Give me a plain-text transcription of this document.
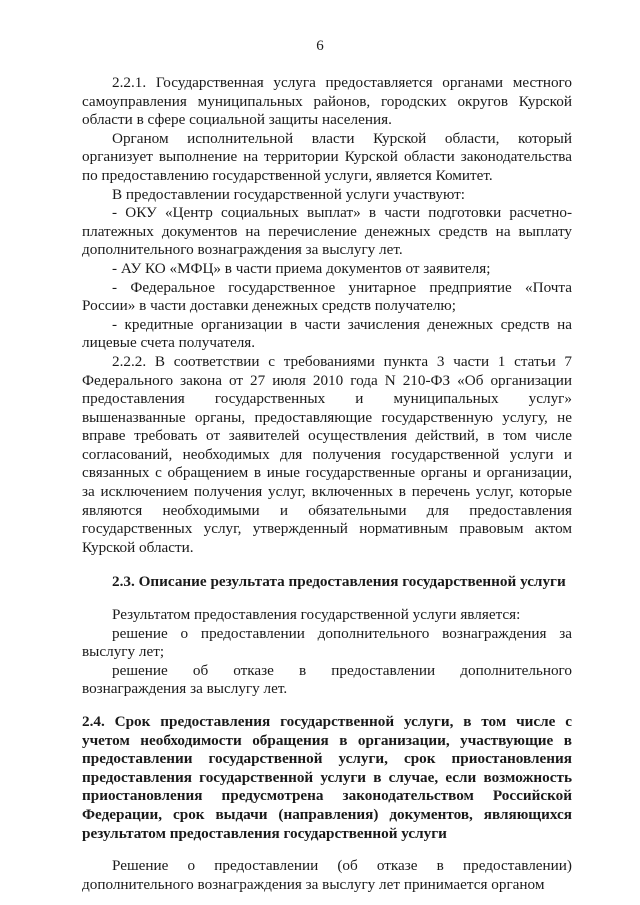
6

2.2.1. Государственная услуга предоставляется органами местного самоуправления муниципальных районов, городских округов Курской области в сфере социальной защиты населения.

Органом исполнительной власти Курской области, который организует выполнение на территории Курской области законодательства по предоставлению государственной услуги, является Комитет.

В предоставлении государственной услуги участвуют:

- ОКУ «Центр социальных выплат» в части подготовки расчетно-платежных документов на перечисление денежных средств на выплату дополнительного вознаграждения за выслугу лет.

- АУ КО «МФЦ» в части приема документов от заявителя;

- Федеральное государственное унитарное предприятие «Почта России» в части доставки денежных средств получателю;

- кредитные организации в части зачисления денежных средств на лицевые счета получателя.

2.2.2. В соответствии с требованиями пункта 3 части 1 статьи 7 Федерального закона от 27 июля 2010 года N 210-ФЗ «Об организации предоставления государственных и муниципальных услуг» вышеназванные органы, предоставляющие государственную услугу, не вправе требовать от заявителей осуществления действий, в том числе согласований, необходимых для получения государственной услуги и связанных с обращением в иные государственные органы и организации, за исключением получения услуг, включенных в перечень услуг, которые являются необходимыми и обязательными для предоставления государственных услуг, утвержденный нормативным правовым актом Курской области.

2.3. Описание результата предоставления государственной услуги

Результатом предоставления государственной услуги является:

решение о предоставлении дополнительного вознаграждения за выслугу лет;

решение об отказе в предоставлении дополнительного вознаграждения за выслугу лет.

2.4. Срок предоставления государственной услуги, в том числе с учетом необходимости обращения в организации, участвующие в предоставлении государственной услуги, срок приостановления предоставления государственной услуги в случае, если возможность приостановления предусмотрена законодательством Российской Федерации, срок выдачи (направления) документов, являющихся результатом предоставления государственной услуги

Решение о предоставлении (об отказе в предоставлении) дополнительного вознаграждения за выслугу лет принимается органом
